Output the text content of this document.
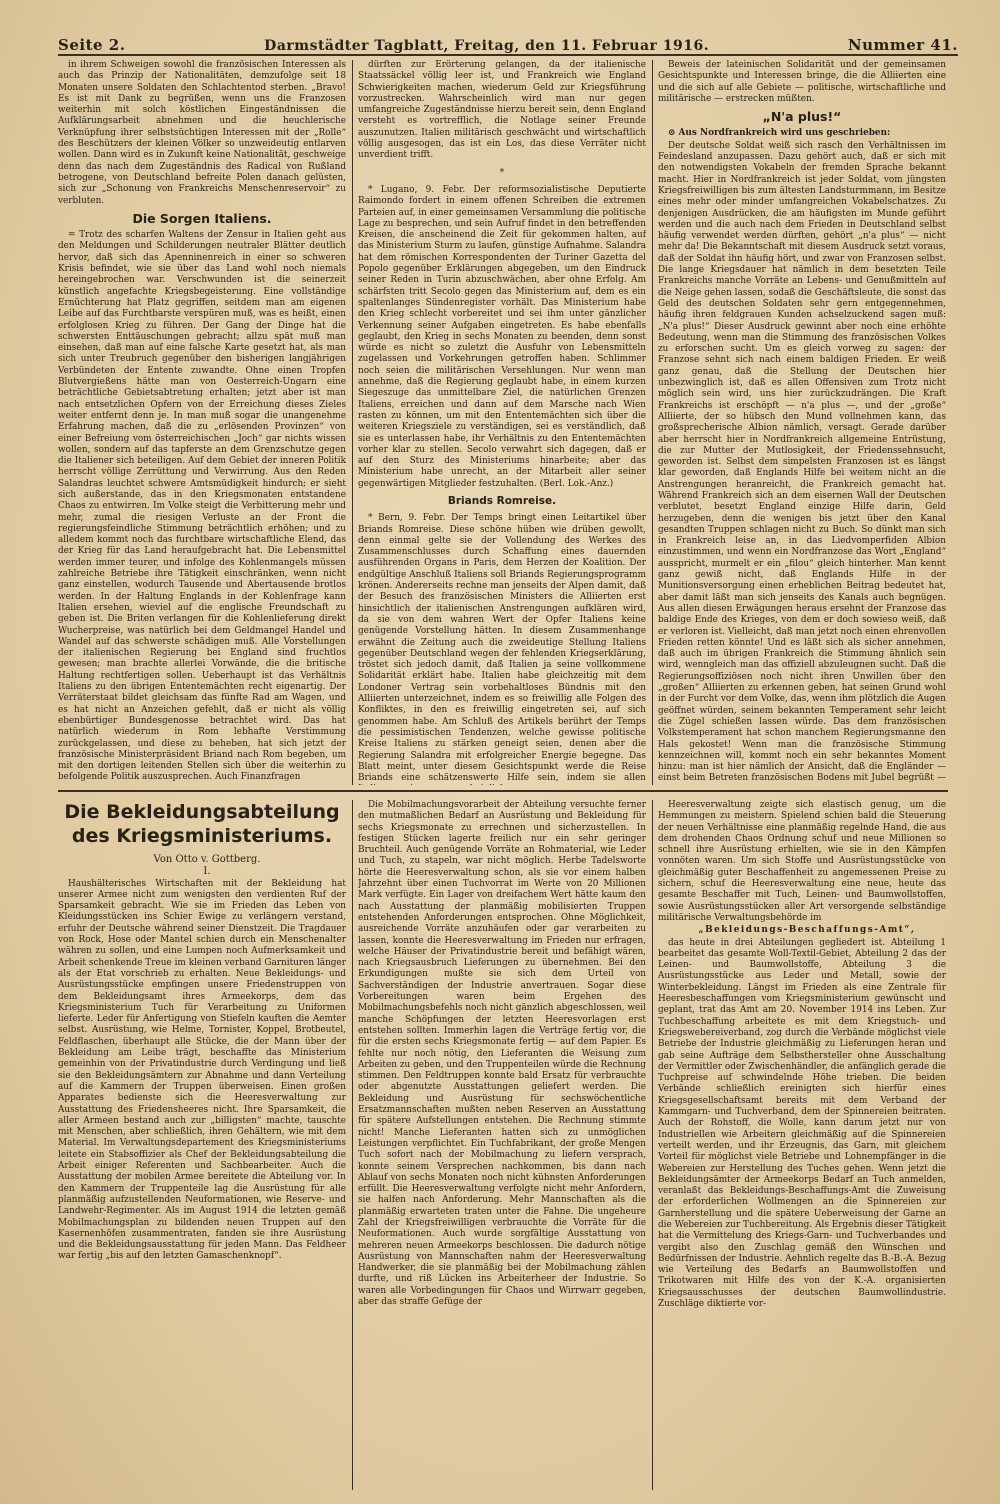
Seite 2.	Darmstädter Tagblatt, Freitag, den 11. Februar 1916.	Nummer 41.

in ihrem Schweigen sowohl die französischen Interessen als auch das Prinzip der Nationalitäten, demzufolge seit 18 Monaten unsere Soldaten den Schlachtentod sterben. „Bravo! Es ist mit Dank zu begrüßen, wenn uns die Franzosen weiterhin mit solch köstlichen Eingeständnissen die Aufklärungsarbeit abnehmen und die heuchlerische Verknüpfung ihrer selbstsüchtigen Interessen mit der „Rolle“ des Beschützers der kleinen Völker so unzweideutig entlarven wollen. Dann wird es in Zukunft keine Nationalität, geschweige denn das nach dem Zugeständnis des Radical von Rußland betrogene, von Deutschland befreite Polen danach gelüsten, sich zur „Schonung von Frankreichs Menschenreservoir“ zu verbluten.

Die Sorgen Italiens.

= Trotz des scharfen Waltens der Zensur in Italien geht aus den Meldungen und Schilderungen neutraler Blätter deutlich hervor, daß sich das Apenninenreich in einer so schweren Krisis befindet, wie sie über das Land wohl noch niemals hereingebrochen war. Verschwunden ist die seinerzeit künstlich angefachte Kriegsbegeisterung. Eine vollständige Ernüchterung hat Platz gegriffen, seitdem man am eigenen Leibe auf das Furchtbarste verspüren muß, was es heißt, einen erfolglosen Krieg zu führen. Der Gang der Dinge hat die schwersten Enttäuschungen gebracht; allzu spät muß man einsehen, daß man auf eine falsche Karte gesetzt hat, als man sich unter Treubruch gegenüber den bisherigen langjährigen Verbündeten der Entente zuwandte. Ohne einen Tropfen Blutvergießens hätte man von Oesterreich-Ungarn eine beträchtliche Gebietsabtretung erhalten; jetzt aber ist man nach entsetzlichen Opfern von der Erreichung dieses Zieles weiter entfernt denn je. In man muß sogar die unangenehme Erfahrung machen, daß die zu „erlösenden Provinzen“ von einer Befreiung vom österreichischen „Joch“ gar nichts wissen wollen, sondern auf das tapferste an dem Grenzschutze gegen die Italiener sich beteiligen. Auf dem Gebiet der inneren Politik herrscht völlige Zerrüttung und Verwirrung. Aus den Reden Salandras leuchtet schwere Amtsmüdigkeit hindurch; er sieht sich außerstande, das in den Kriegsmonaten entstandene Chaos zu entwirren. Im Volke steigt die Verbitterung mehr und mehr, zumal die riesigen Verluste an der Front die regierungsfeindliche Stimmung beträchtlich erhöhen; und zu alledem kommt noch das furchtbare wirtschaftliche Elend, das der Krieg für das Land heraufgebracht hat. Die Lebensmittel werden immer teurer, und infolge des Kohlenmangels müssen zahlreiche Betriebe ihre Tätigkeit einschränken, wenn nicht ganz einstellen, wodurch Tausende und Abertausende brotlos werden. In der Haltung Englands in der Kohlenfrage kann Italien ersehen, wieviel auf die englische Freundschaft zu geben ist. Die Briten verlangen für die Kohlenlieferung direkt Wucherpreise, was natürlich bei dem Geldmangel Handel und Wandel auf das schwerste schädigen muß. Alle Vorstellungen der italienischen Regierung bei England sind fruchtlos gewesen; man brachte allerlei Vorwände, die die britische Haltung rechtfertigen sollen. Ueberhaupt ist das Verhältnis Italiens zu den übrigen Ententemächten recht eigenartig. Der Verräterstaat bildet gleichsam das fünfte Rad am Wagen, und es hat nicht an Anzeichen gefehlt, daß er nicht als völlig ebenbürtiger Bundesgenosse betrachtet wird. Das hat natürlich wiederum in Rom lebhafte Verstimmung zurückgelassen, und diese zu beheben, hat sich jetzt der französische Ministerpräsident Briand nach Rom begeben, um mit den dortigen leitenden Stellen sich über die weiterhin zu befolgende Politik auszusprechen. Auch Finanzfragen

dürften zur Erörterung gelangen, da der italienische Staatssäckel völlig leer ist, und Frankreich wie England Schwierigkeiten machen, wiederum Geld zur Kriegsführung vorzustrecken. Wahrscheinlich wird man nur gegen umfangreiche Zugeständnisse hierzu bereit sein, denn England versteht es vortrefflich, die Notlage seiner Freunde auszunutzen. Italien militärisch geschwächt und wirtschaftlich völlig ausgesogen, das ist ein Los, das diese Verräter nicht unverdient trifft.

*

* Lugano, 9. Febr. Der reformsozialistische Deputierte Raimondo fordert in einem offenen Schreiben die extremen Parteien auf, in einer gemeinsamen Versammlung die politische Lage zu besprechen, und sein Aufruf findet in den betreffenden Kreisen, die anscheinend die Zeit für gekommen halten, auf das Ministerium Sturm zu laufen, günstige Aufnahme. Salandra hat dem römischen Korrespondenten der Turiner Gazetta del Popolo gegenüber Erklärungen abgegeben, um den Eindruck seiner Reden in Turin abzuschwächen, aber ohne Erfolg. Am schärfsten tritt Secolo gegen das Ministerium auf, dem es ein spaltenlanges Sündenregister vorhält. Das Ministerium habe den Krieg schlecht vorbereitet und sei ihm unter gänzlicher Verkennung seiner Aufgaben eingetreten. Es habe ebenfalls geglaubt, den Krieg in sechs Monaten zu beenden, denn sonst würde es nicht so zuletzt die Ausfuhr von Lebensmitteln zugelassen und Vorkehrungen getroffen haben. Schlimmer noch seien die militärischen Versehlungen. Nur wenn man annehme, daß die Regierung geglaubt habe, in einem kurzen Siegeszuge das unmittelbare Ziel, die natürlichen Grenzen Italiens, erreichen und dann auf dem Marsche nach Wien rasten zu können, um mit den Ententemächten sich über die weiteren Kriegsziele zu verständigen, sei es verständlich, daß sie es unterlassen habe, ihr Verhältnis zu den Ententemächten vorher klar zu stellen. Secolo verwahrt sich dagegen, daß er auf den Sturz des Ministeriums hinarbeite; aber das Ministerium habe unrecht, an der Mitarbeit aller seiner gegenwärtigen Mitglieder festzuhalten. (Berl. Lok.-Anz.)

Briands Romreise.

* Bern, 9. Febr. Der Temps bringt einen Leitartikel über Briands Romreise. Diese schöne hüben wie drüben gewollt, denn einmal gelte sie der Vollendung des Werkes des Zusammenschlusses durch Schaffung eines dauernden ausführenden Organs in Paris, dem Herzen der Koalition. Der endgültige Anschluß Italiens soll Briands Regierungsprogramm krönen. Andererseits rechne man jenseits der Alpen damit, daß der Besuch des französischen Ministers die Alliierten erst hinsichtlich der italienischen Anstrengungen aufklären wird, da sie von dem wahren Wert der Opfer Italiens keine genügende Vorstellung hätten. In diesem Zusammenhange erwähnt die Zeitung auch die zweideutige Stellung Italiens gegenüber Deutschland wegen der fehlenden Kriegserklärung, tröstet sich jedoch damit, daß Italien ja seine vollkommene Solidarität erklärt habe. Italien habe gleichzeitig mit dem Londoner Vertrag sein vorbehaltloses Bündnis mit den Alliierten unterzeichnet, indem es so freiwillig alle Folgen des Konfliktes, in den es freiwillig eingetreten sei, auf sich genommen habe. Am Schluß des Artikels berührt der Temps die pessimistischen Tendenzen, welche gewisse politische Kreise Italiens zu stärken geneigt seien, denen aber die Regierung Salandra mit erfolgreicher Energie begegne. Das Blatt meint, unter diesem Gesichtspunkt werde die Reise Briands eine schätzenswerte Hilfe sein, indem sie allen

Beweis der lateinischen Solidarität und der gemeinsamen Gesichtspunkte und Interessen bringe, die die Alliierten eine und die sich auf alle Gebiete — politische, wirtschaftliche und militärische — erstrecken müßten.

„N'a plus!“

⊙ Aus Nordfrankreich wird uns geschrieben:

Der deutsche Soldat weiß sich rasch den Verhältnissen im Feindesland anzupassen. Dazu gehört auch, daß er sich mit den notwendigsten Vokabeln der fremden Sprache bekannt macht. Hier in Nordfrankreich ist jeder Soldat, vom jüngsten Kriegsfreiwilligen bis zum ältesten Landsturmmann, im Besitze eines mehr oder minder umfangreichen Vokabelschatzes. Zu denjenigen Ausdrücken, die am häufigsten im Munde geführt werden und die auch nach dem Frieden in Deutschland selbst häufig verwendet werden dürften, gehört „n'a plus“ — nicht mehr da! Die Bekanntschaft mit diesem Ausdruck setzt voraus, daß der Soldat ihn häufig hört, und zwar von Franzosen selbst. Die lange Kriegsdauer hat nämlich in dem besetzten Teile Frankreichs manche Vorräte an Lebens- und Genußmitteln auf die Neige gehen lassen, sodaß die Geschäftsleute, die sonst das Geld des deutschen Soldaten sehr gern entgegennehmen, häufig ihren feldgrauen Kunden achselzuckend sagen muß: „N'a plus!“ Dieser Ausdruck gewinnt aber noch eine erhöhte Bedeutung, wenn man die Stimmung des französischen Volkes zu erforschen sucht. Um es gleich vorweg zu sagen: der Franzose sehnt sich nach einem baldigen Frieden. Er weiß ganz genau, daß die Stellung der Deutschen hier unbezwinglich ist, daß es allen Offensiven zum Trotz nicht möglich sein wird, uns hier zurückzudrängen. Die Kraft Frankreichs ist erschöpft — n'a plus —, und der „große“ Alliierte, der so hübsch den Mund vollnehmen kann, das großsprecherische Albion nämlich, versagt. Gerade darüber aber herrscht hier in Nordfrankreich allgemeine Entrüstung, die zur Mutter der Mutlosigkeit, der Friedenssehnsucht, geworden ist. Selbst dem simpelsten Franzosen ist es längst klar geworden, daß Englands Hilfe bei weitem nicht an die Anstrengungen heranreicht, die Frankreich gemacht hat. Während Frankreich sich an dem eisernen Wall der Deutschen verblutet, besetzt England einzige Hilfe darin, Geld herzugeben, denn die wenigen bis jetzt über den Kanal gesandten Truppen schlagen nicht zu Buch. So dünkt man sich in Frankreich leise an, in das Liedvomperfiden Albion einzustimmen, und wenn ein Nordfranzose das Wort „England“ ausspricht, murmelt er ein „filou“ gleich hinterher. Man kennt ganz gewiß nicht, daß Englands Hilfe in der Munitionsversorgung einen erheblichen Beitrag bedeutet hat, aber damit läßt man sich jenseits des Kanals auch begnügen. Aus allen diesen Erwägungen heraus ersehnt der Franzose das baldige Ende des Krieges, von dem er doch sowieso weiß, daß er verloren ist. Vielleicht, daß man jetzt noch einen ehrenvollen Frieden retten könnte! Und es läßt sich als sicher annehmen, daß auch im übrigen Frankreich die Stimmung ähnlich sein wird, wenngleich man das offiziell abzuleugnen sucht. Daß die Regierungsoffiziösen noch nicht ihren Unwillen über den „großen“ Alliierten zu erkennen geben, hat seinen Grund wohl in der Furcht vor dem Volke, das, wenn ihm plötzlich die Augen geöffnet würden, seinem bekannten Temperament sehr leicht die Zügel schießen lassen würde. Das dem französischen Volkstemperament hat schon manchem Regierungsmanne den Hals gekostet! Wenn man die französische Stimmung kennzeichnen will, kommt noch ein sehr bekanntes Moment hinzu: man ist hier nämlich der Ansicht, daß die Engländer — einst beim Betreten französischen Bodens mit Jubel begrüßt —

Die Bekleidungsabteilung des Kriegsministeriums.

Von Otto v. Gottberg.

I.

Haushälterisches Wirtschaften mit der Bekleidung hat unserer Armee nicht zum wenigsten den verdienten Ruf der Sparsamkeit gebracht. Wie sie im Frieden das Leben von Kleidungsstücken ins Schier Ewige zu verlängern verstand, erfuhr der Deutsche während seiner Dienstzeit. Die Tragdauer von Rock, Hose oder Mantel schien durch ein Menschenalter währen zu sollen, und eine Lumpen noch Aufmerksamkeit und Arbeit schenkende Treue im kleinen verband Garnituren länger als der Etat vorschrieb zu erhalten. Neue Bekleidungs- und Ausrüstungsstücke empfingen unsere Friedenstruppen von dem Bekleidungsamt ihres Armeekorps, dem das Kriegsministerium Tuch für Verarbeitung zu Uniformen lieferte. Leder für Anfertigung von Stiefeln kauften die Aemter selbst. Ausrüstung, wie Helme, Tornister, Koppel, Brotbeutel, Feldflaschen, überhaupt alle Stücke, die der Mann über der Bekleidung am Leibe trägt, beschaffte das Ministerium gemeinhin von der Privatindustrie durch Verdingung und ließ sie den Bekleidungsämtern zur Abnahme und dann Verteilung auf die Kammern der Truppen überweisen. Einen großen Apparates bedienste sich die Heeresverwaltung zur Ausstattung des Friedensheeres nicht. Ihre Sparsamkeit, die aller Armeen bestand auch zur „billigsten“ machte, tauschte mit Menschen, aber schließlich, ihren Gehältern, wie mit dem Material. Im Verwaltungsdepartement des Kriegsministeriums leitete ein Stabsoffizier als Chef der Bekleidungsabteilung die Arbeit einiger Referenten und Sachbearbeiter. Auch die Ausstattung der mobilen Armee bereitete die Abteilung vor. In den Kammern der Truppenteile lag die Ausrüstung für alle planmäßig aufzustellenden Neuformationen, wie Reserve- und Landwehr-Regimenter. Als im August 1914 die letzten gemäß Mobilmachungsplan zu bildenden neuen Truppen auf den Kasernenhöfen zusammentraten, fanden sie ihre Ausrüstung und die Bekleidungsausstattung für jeden Mann. Das Feldheer war fertig „bis auf den letzten Gamaschenknopf“.

Die Mobilmachungsvorarbeit der Abteilung versuchte ferner den mutmaßlichen Bedarf an Ausrüstung und Bekleidung für sechs Kriegsmonate zu errechnen und sicherzustellen. In festigen Stücken lagerte freilich nur ein sehr geringer Bruchteil. Auch genügende Vorräte an Rohmaterial, wie Leder und Tuch, zu stapeln, war nicht möglich. Herbe Tadelsworte hörte die Heeresverwaltung schon, als sie vor einem halben Jahrzehnt über einen Tuchvorrat im Werte von 20 Millionen Mark verfügte. Ein Lager von dreifachem Wert hätte kaum den nach Ausstattung der planmäßig mobilisierten Truppen entstehenden Anforderungen entsprochen. Ohne Möglichkeit, ausreichende Vorräte anzuhäufen oder gar verarbeiten zu lassen, konnte die Heeresverwaltung im Frieden nur erfragen, welche Häuser der Privatindustrie bereit und befähigt wären, nach Kriegsausbruch Lieferungen zu übernehmen. Bei den Erkundigungen mußte sie sich dem Urteil von Sachverständigen der Industrie anvertrauen. Sogar diese Vorbereitungen waren beim Ergehen des Mobilmachungsbefehls noch nicht gänzlich abgeschlossen, weil manche Schöpfungen der letzten Heeresvorlagen erst entstehen sollten. Immerhin lagen die Verträge fertig vor, die für die ersten sechs Kriegsmonate fertig — auf dem Papier. Es fehlte nur noch nötig, den Lieferanten die Weisung zum Arbeiten zu geben, und den Truppenteilen würde die Rechnung stimmen. Den Feldtruppen konnte bald Ersatz für verbrauchte oder abgenutzte Ausstattungen geliefert werden. Die Bekleidung und Ausrüstung für sechswöchentliche Ersatzmannschaften mußten neben Reserven an Ausstattung für spätere Aufstellungen entstehen. Die Rechnung stimmte nicht! Manche Lieferanten hatten sich zu unmöglichen Leistungen verpflichtet. Ein Tuchfabrikant, der große Mengen Tuch sofort nach der Mobilmachung zu liefern versprach, konnte seinem Versprechen nachkommen, bis dann nach Ablauf von sechs Monaten noch nicht kühnsten Anforderungen erfüllt. Die Heeresverwaltung verfolgte nicht mehr Anfordern, sie halfen nach Anforderung. Mehr Mannschaften als die planmäßig erwarteten traten unter die Fahne. Die ungeheure Zahl der Kriegsfreiwilligen verbrauchte die Vorräte für die Neuformationen. Auch wurde sorgfältige Ausstattung von mehreren neuen Armeekorps beschlossen. Die dadurch nötige Ausrüstung von Mannschaften nahm der Heeresverwaltung Handwerker, die sie planmäßig bei der Mobilmachung zählen durfte, und riß Lücken ins Arbeiterheer der Industrie. So waren alle Vorbedingungen für Chaos und Wirrwarr gegeben, aber das straffe Gefüge der

Heeresverwaltung zeigte sich elastisch genug, um die Hemmungen zu meistern. Spielend schien bald die Steuerung der neuen Verhältnisse eine planmäßig regelnde Hand, die aus dem drohenden Chaos Ordnung schuf und neue Millionen so schnell ihre Ausrüstung erhielten, wie sie in den Kämpfen vonnöten waren. Um sich Stoffe und Ausrüstungsstücke von gleichmäßig guter Beschaffenheit zu angemessenen Preise zu sichern, schuf die Heeresverwaltung eine neue, heute das gesamte Beschaffer mit Tuch, Leinen- und Baumwollstoffen, sowie Ausrüstungsstücken aller Art versorgende selbständige militärische Verwaltungsbehörde im

„Bekleidungs-Beschaffungs-Amt“,

das heute in drei Abteilungen gegliedert ist. Abteilung 1 bearbeitet das gesamte Woll-Textil-Gebiet, Abteilung 2 das der Leinen- und Baumwollstoffe, Abteilung 3 die Ausrüstungsstücke aus Leder und Metall, sowie der Winterbekleidung. Längst im Frieden als eine Zentrale für Heeresbeschaffungen vom Kriegsministerium gewünscht und geplant, trat das Amt am 20. November 1914 ins Leben. Zur Tuchbeschaffung arbeitete es mit dem Kriegstuch- und Kriegswebereiverband, zog durch die Verbände möglichst viele Betriebe der Industrie gleichmäßig zu Lieferungen heran und gab seine Aufträge dem Selbsthersteller ohne Ausschaltung der Vermittler oder Zwischenhändler, die anfänglich gerade die Tuchpreise auf schwindelnde Höhe trieben. Die beiden Verbände schließlich ereinigten sich hierfür eines Kriegsgesellschaftsamt bereits mit dem Verband der Kammgarn- und Tuchverband, dem der Spinnereien beitraten. Auch der Rohstoff, die Wolle, kann darum jetzt nur von Industriellen wie Arbeitern gleichmäßig auf die Spinnereien verteilt werden, und ihr Erzeugnis, das Garn, mit gleichem Vorteil für möglichst viele Betriebe und Lohnempfänger in die Webereien zur Herstellung des Tuches gehen. Wenn jetzt die Bekleidungsämter der Armeekorps Bedarf an Tuch anmelden, veranlaßt das Bekleidungs-Beschaffungs-Amt die Zuweisung der erforderlichen Wollmengen an die Spinnereien zur Garnherstellung und die spätere Ueberweisung der Garne an die Webereien zur Tuchbereitung. Als Ergebnis dieser Tätigkeit hat die Vermittelung des Kriegs-Garn- und Tuchverbandes und vergibt also den Zuschlag gemäß den Wünschen und Bedürfnissen der Industrie. Aehnlich regelte das B.-B.-A. Bezug wie Verteilung des Bedarfs an Baumwollstoffen und Trikotwaren mit Hilfe des von der K.-A. organisierten Kriegsausschusses der deutschen Baumwollindustrie. Zuschläge diktierte vor-
